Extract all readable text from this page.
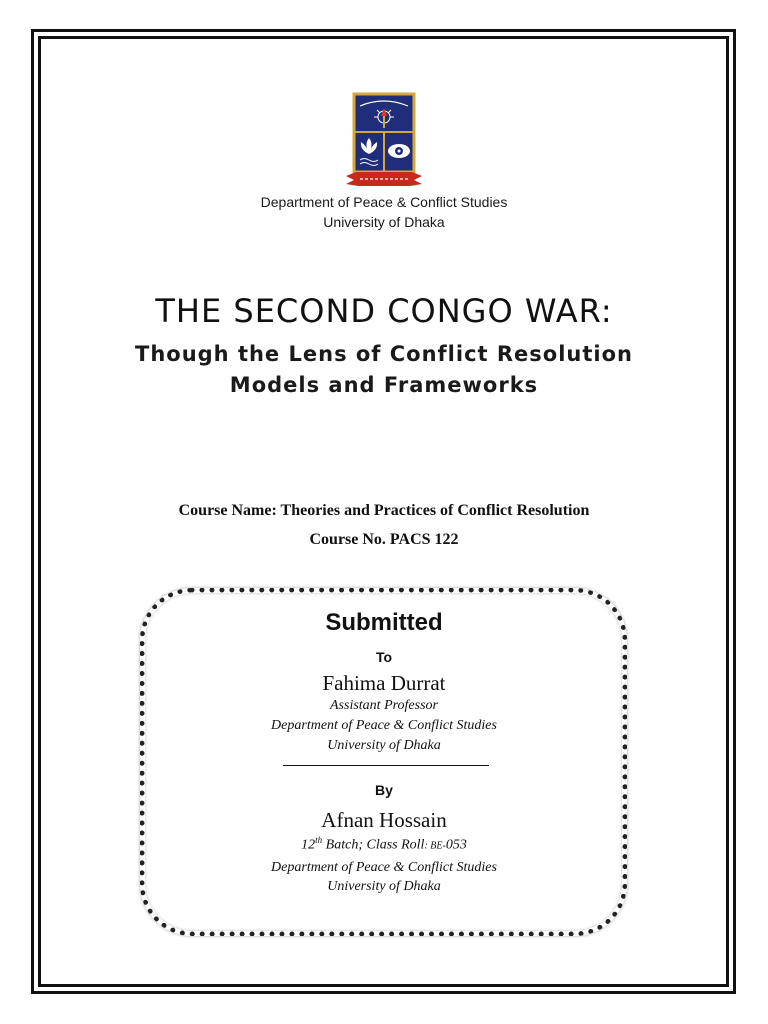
Department of Peace & Conflict Studies
University of Dhaka
THE SECOND CONGO WAR:
Though the Lens of Conflict Resolution
Models and Frameworks
Course Name: Theories and Practices of Conflict Resolution
Course No. PACS 122
Submitted
To
Fahima Durrat
Assistant Professor
Department of Peace & Conflict Studies
University of Dhaka
By
Afnan Hossain
12th Batch; Class Roll: BE-053
Department of Peace & Conflict Studies
University of Dhaka
